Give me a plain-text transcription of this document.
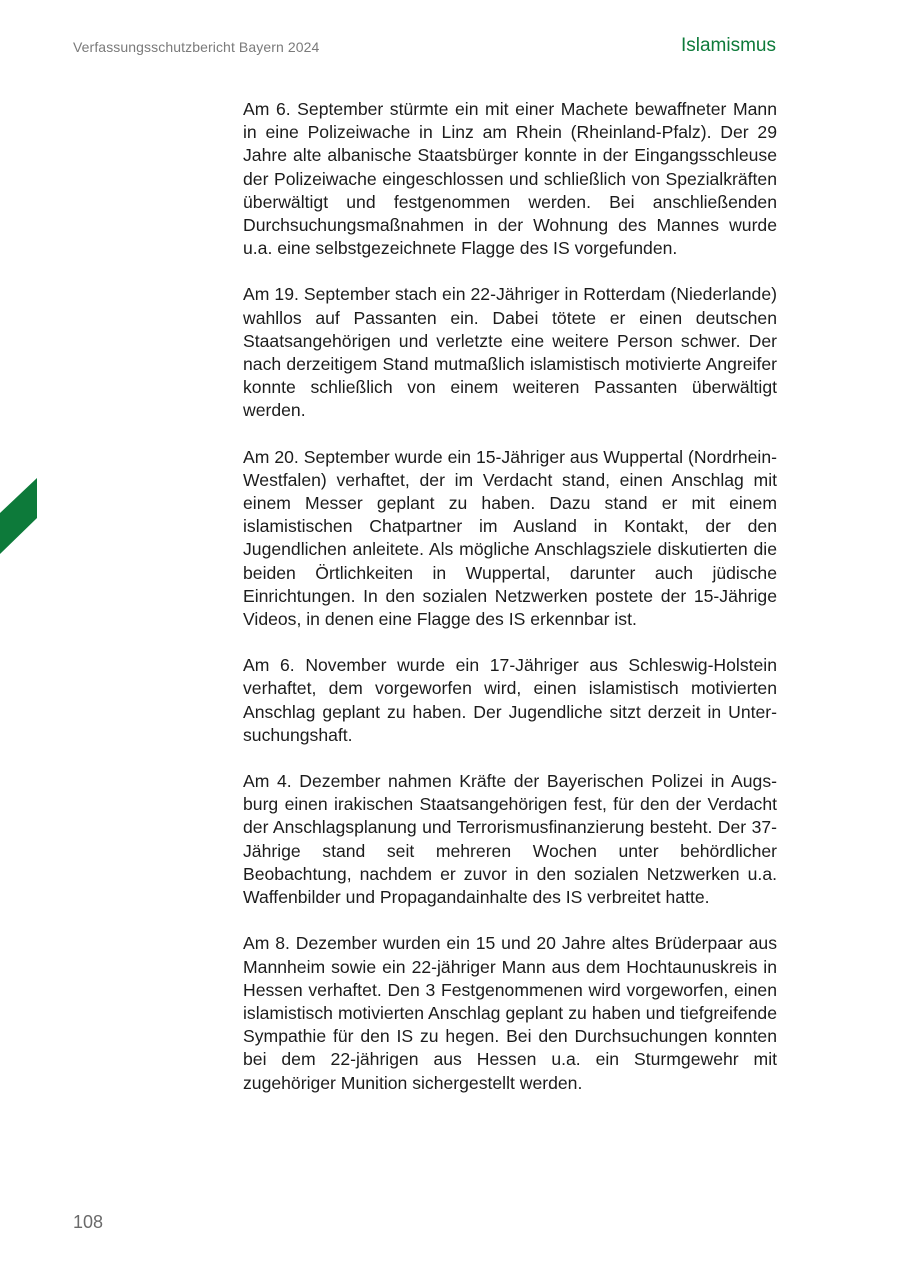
Verfassungsschutzbericht Bayern 2024	Islamismus

Am 6. September stürmte ein mit einer Machete bewaffneter Mann in eine Polizeiwache in Linz am Rhein (Rheinland-Pfalz). Der 29 Jahre alte albanische Staatsbürger konnte in der Eingangsschleuse der Polizeiwache eingeschlossen und schließlich von Spezialkräften überwältigt und festgenommen werden. Bei anschließenden Durchsuchungsmaßnahmen in der Wohnung des Mannes wurde u.a. eine selbstgezeichnete Flagge des IS vorgefunden.

Am 19. September stach ein 22-Jähriger in Rotterdam (Niederlande) wahllos auf Passanten ein. Dabei tötete er einen deutschen Staatsangehörigen und verletzte eine weitere Person schwer. Der nach derzeitigem Stand mutmaßlich islamistisch motivierte Angreifer konnte schließlich von einem weiteren Passanten überwältigt werden.

Am 20. September wurde ein 15-Jähriger aus Wuppertal (Nordrhein-Westfalen) verhaftet, der im Verdacht stand, einen Anschlag mit einem Messer geplant zu haben. Dazu stand er mit einem islamistischen Chatpartner im Ausland in Kontakt, der den Jugendlichen anleitete. Als mögliche Anschlagsziele diskutierten die beiden Örtlichkeiten in Wuppertal, darunter auch jüdische Einrichtungen. In den sozialen Netzwerken postete der 15-Jährige Videos, in denen eine Flagge des IS erkennbar ist.

Am 6. November wurde ein 17-Jähriger aus Schleswig-Holstein verhaftet, dem vorgeworfen wird, einen islamistisch motivierten Anschlag geplant zu haben. Der Jugendliche sitzt derzeit in Untersuchungshaft.

Am 4. Dezember nahmen Kräfte der Bayerischen Polizei in Augsburg einen irakischen Staatsangehörigen fest, für den der Verdacht der Anschlagsplanung und Terrorismusfinanzierung besteht. Der 37-Jährige stand seit mehreren Wochen unter behördlicher Beobachtung, nachdem er zuvor in den sozialen Netzwerken u.a. Waffenbilder und Propagandainhalte des IS verbreitet hatte.

Am 8. Dezember wurden ein 15 und 20 Jahre altes Brüderpaar aus Mannheim sowie ein 22-jähriger Mann aus dem Hochtaunuskreis in Hessen verhaftet. Den 3 Festgenommenen wird vorgeworfen, einen islamistisch motivierten Anschlag geplant zu haben und tiefgreifende Sympathie für den IS zu hegen. Bei den Durchsuchungen konnten bei dem 22-jährigen aus Hessen u.a. ein Sturmgewehr mit zugehöriger Munition sichergestellt werden.

108
